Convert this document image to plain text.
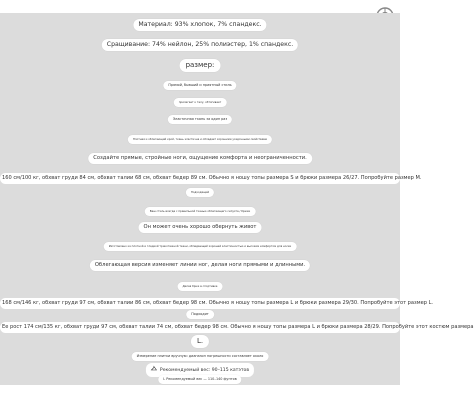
Материал: 93% хлопок, 7% спандекс.
Сращивание: 74% нейлон, 25% полиэстер, 1% спандекс.
размер:
Прямой, бывший и приятный стиль
прилегает к телу, обтягивает
Эластичная ткань за один раз
Плотная и облегающий крой, ткань эластична и обладает хорошими усадочными свойствами
Создайте прямые, стройные ноги, ощущение комфорта и неограниченности.
160 см/100 кг, обхват груди 84 см, обхват талии 68 см, обхват бедер 89 см. Обычно я ношу топы размера S и брюки размера 26/27. Попробуйте размер M.
Подходящий
Ваш стиль всегда с правильной тканью облегающего силуэта / брюки
Он может очень хорошо обернуть живот
Изготовлено из плотной и гладкой трикотажной ткани, обладающей хорошей эластичностью и высоким комфортом для носки
Облегающая версия изменяет линии ног, делая ноги прямыми и длинными.
Делая брюк в спортивке
168 см/146 кг, обхват груди 97 см, обхват талии 86 см, обхват бедер 98 см. Обычно я ношу топы размера L и брюки размера 29/30. Попробуйте этот размер L.
Подходит
Ее рост 174 см/135 кг, обхват груди 97 см, обхват талии 74 см, обхват бедер 98 см. Обычно я ношу топы размера L и брюки размера 28/29. Попробуйте этот костюм размера
L.
Измерение плитки вручную: диапазон погрешности составляет около
Рекомендуемый вес: 90–115 катэтов
L Рекомендуемый вес — 110–140 фунтов
